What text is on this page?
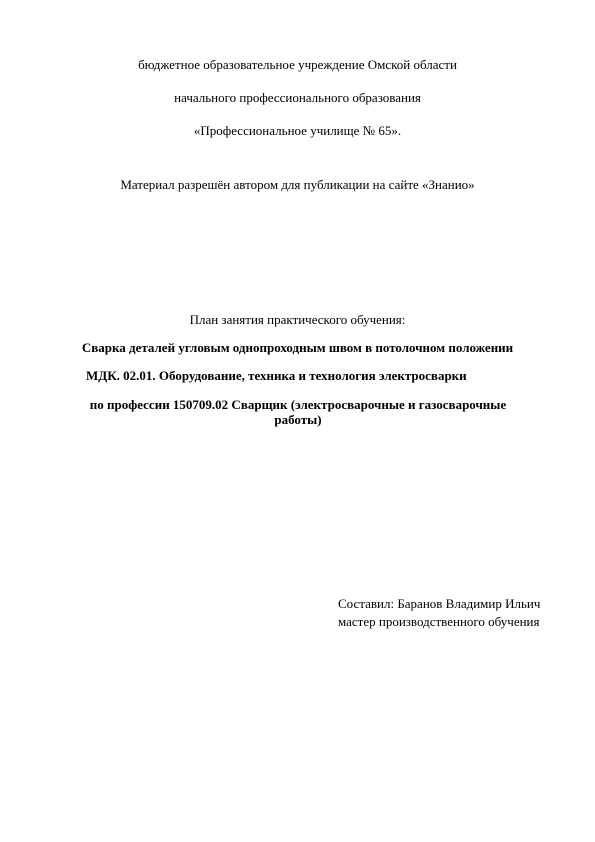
бюджетное образовательное учреждение Омской области
начального профессионального образования
«Профессиональное училище № 65».
Материал разрешён автором для публикации на сайте «Знанио»
План занятия практического обучения:
Сварка деталей угловым однопроходным швом в потолочном положении
МДК. 02.01. Оборудование, техника и технология электросварки
по профессии 150709.02 Сварщик (электросварочные и газосварочные работы)
Составил: Баранов Владимир Ильич
мастер производственного обучения
